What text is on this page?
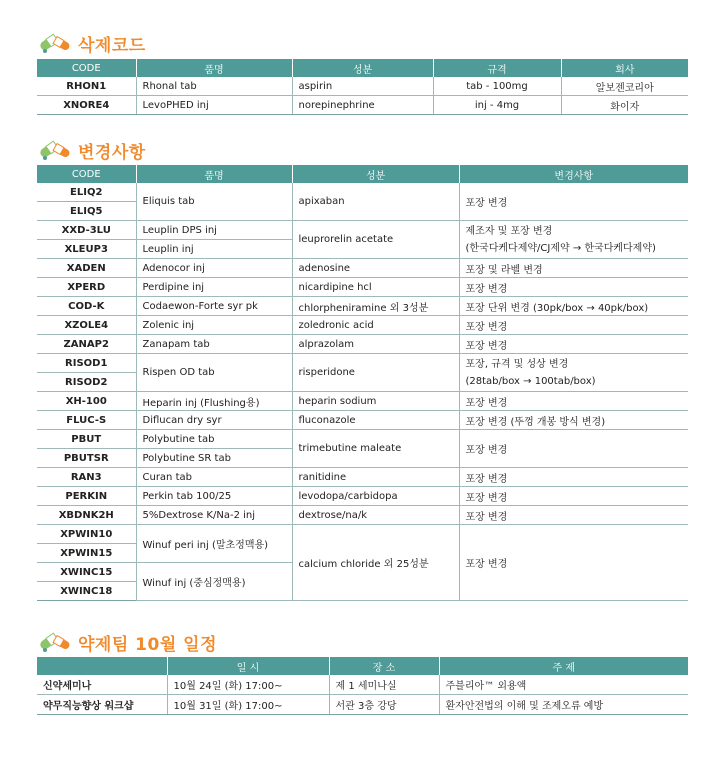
삭제코드
CODE	품명	성분	규격	회사
RHON1	Rhonal tab	aspirin	tab - 100mg	알보젠코리아
XNORE4	LevoPHED inj	norepinephrine	inj - 4mg	화이자
변경사항
CODE	품명	성분	변경사항
ELIQ2	Eliquis tab	apixaban	포장 변경
ELIQ5			
XXD-3LU	Leuplin DPS inj	leuprorelin acetate	제조자 및 포장 변경
(한국다케다제약/CJ제약 → 한국다케다제약)

XLEUP3	Leuplin inj		
XADEN	Adenocor inj	adenosine	포장 및 라벨 변경
XPERD	Perdipine inj	nicardipine hcl	포장 변경
COD-K	Codaewon-Forte syr pk	chlorpheniramine 외 3성분	포장 단위 변경 (30pk/box → 40pk/box)
XZOLE4	Zolenic inj	zoledronic acid	포장 변경
ZANAP2	Zanapam tab	alprazolam	포장 변경
RISOD1	Rispen OD tab	risperidone	포장, 규격 및 성상 변경
(28tab/box → 100tab/box)

RISOD2			
XH-100	Heparin inj (Flushing용)	heparin sodium	포장 변경
FLUC-S	Diflucan dry syr	fluconazole	포장 변경 (뚜껑 개봉 방식 변경)
PBUT	Polybutine tab	trimebutine maleate	포장 변경
PBUTSR	Polybutine SR tab		
RAN3	Curan tab	ranitidine	포장 변경
PERKIN	Perkin tab 100/25	levodopa/carbidopa	포장 변경
XBDNK2H	5%Dextrose K/Na-2 inj	dextrose/na/k	포장 변경
XPWIN10	Winuf peri inj (말초정맥용)	calcium chloride 외 25성분	포장 변경
XPWIN15			
XWINC15	Winuf inj (중심정맥용)		
XWINC18			
약제팀 10월 일정
	일 시	장 소	주 제
신약세미나	10월 24일 (화) 17:00~	제 1 세미나실	주블리아™ 외용액
약무직능향상 워크샵	10월 31일 (화) 17:00~	서관 3층 강당	환자안전법의 이해 및 조제오류 예방
